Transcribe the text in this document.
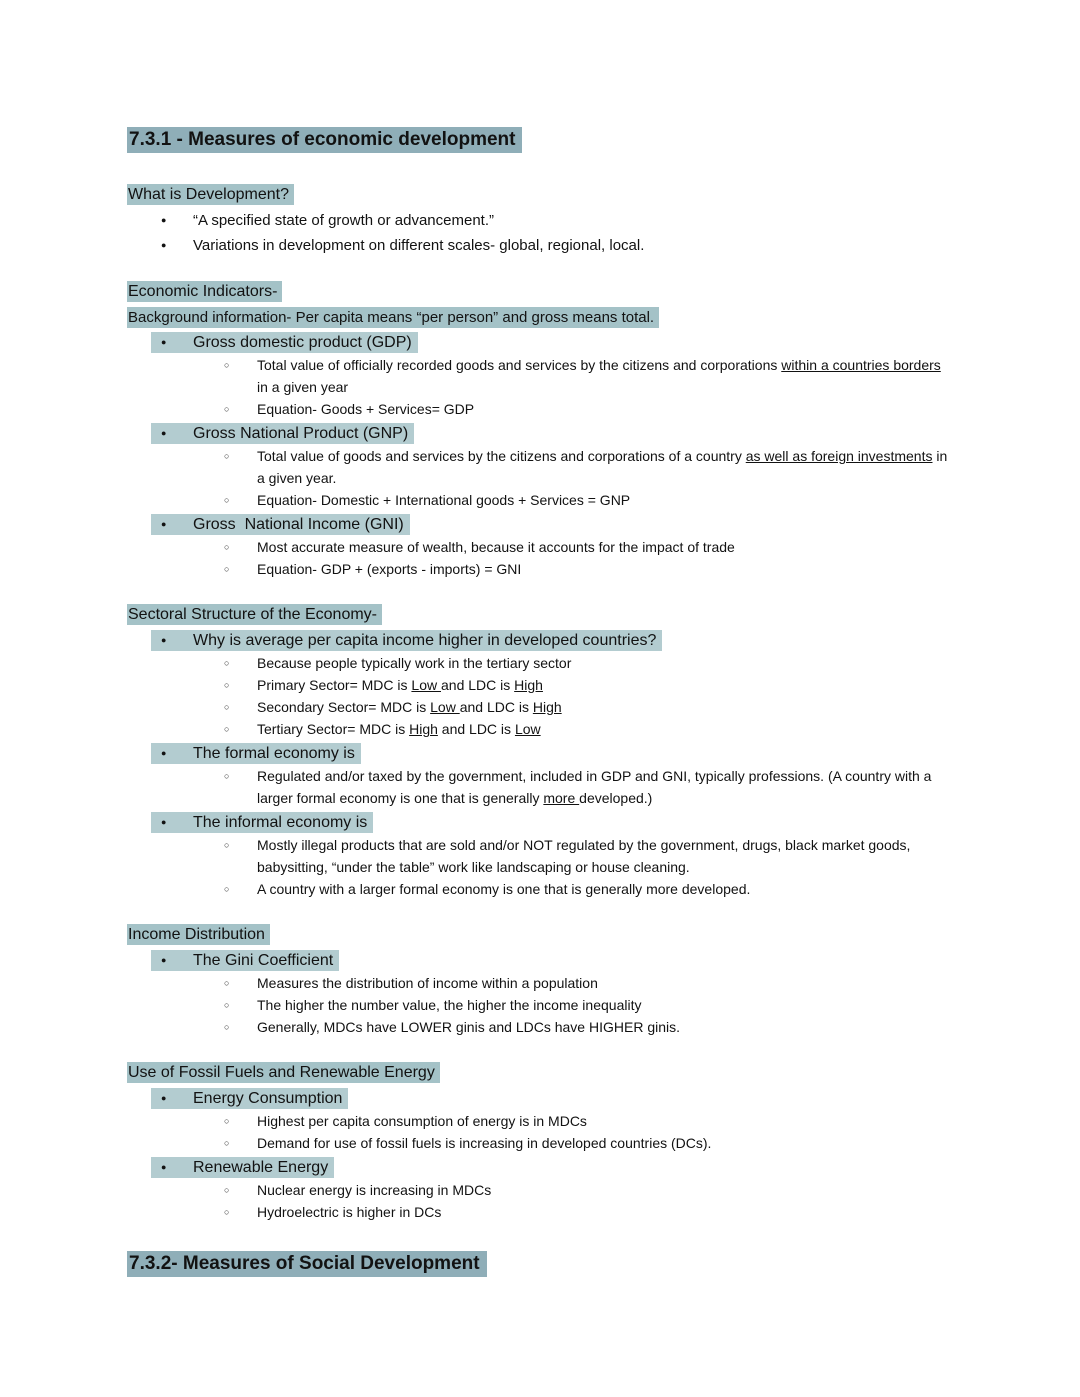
7.3.1 - Measures of economic development
What is Development?
● “A specified state of growth or advancement.”
● Variations in development on different scales- global, regional, local.
Economic Indicators-
Background information- Per capita means “per person” and gross means total.
● Gross domestic product (GDP)
○ Total value of officially recorded goods and services by the citizens and corporations within a countries borders in a given year
○ Equation- Goods + Services= GDP
● Gross National Product (GNP)
○ Total value of goods and services by the citizens and corporations of a country as well as foreign investments in a given year.
○ Equation- Domestic + International goods + Services = GNP
● Gross  National Income (GNI)
○ Most accurate measure of wealth, because it accounts for the impact of trade
○ Equation- GDP + (exports - imports) = GNI
Sectoral Structure of the Economy-
● Why is average per capita income higher in developed countries?
○ Because people typically work in the tertiary sector
○ Primary Sector= MDC is Low and LDC is High
○ Secondary Sector= MDC is Low and LDC is High
○ Tertiary Sector= MDC is High and LDC is Low
● The formal economy is
○ Regulated and/or taxed by the government, included in GDP and GNI, typically professions. (A country with a larger formal economy is one that is generally more developed.)
● The informal economy is
○ Mostly illegal products that are sold and/or NOT regulated by the government, drugs, black market goods, babysitting, “under the table” work like landscaping or house cleaning.
○ A country with a larger formal economy is one that is generally more developed.
Income Distribution
● The Gini Coefficient
○ Measures the distribution of income within a population
○ The higher the number value, the higher the income inequality
○ Generally, MDCs have LOWER ginis and LDCs have HIGHER ginis.
Use of Fossil Fuels and Renewable Energy
● Energy Consumption
○ Highest per capita consumption of energy is in MDCs
○ Demand for use of fossil fuels is increasing in developed countries (DCs).
● Renewable Energy
○ Nuclear energy is increasing in MDCs
○ Hydroelectric is higher in DCs
7.3.2- Measures of Social Development
